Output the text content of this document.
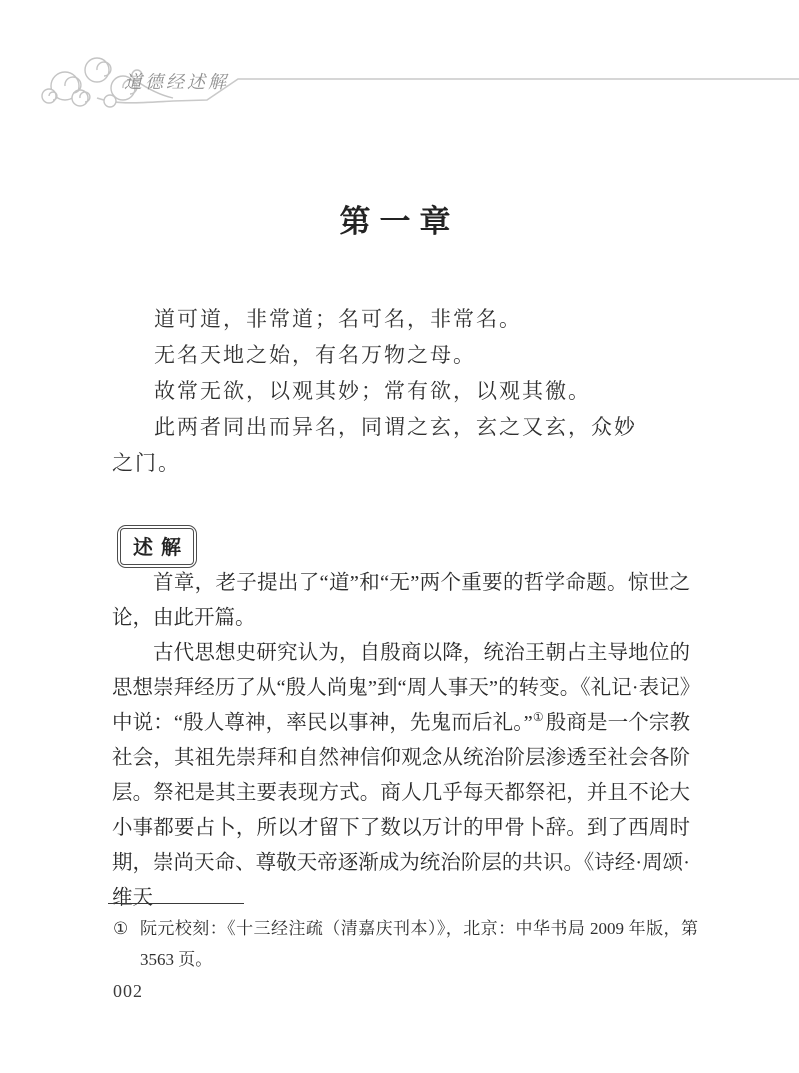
道德经述解
第一章
道可道，非常道；名可名，非常名。
无名天地之始，有名万物之母。
故常无欲，以观其妙；常有欲，以观其徼。
此两者同出而异名，同谓之玄，玄之又玄，众妙
之门。
述解

首章，老子提出了“道”和“无”两个重要的哲学命题。惊世之论，由此开篇。

古代思想史研究认为，自殷商以降，统治王朝占主导地位的思想崇拜经历了从“殷人尚鬼”到“周人事天”的转变。《礼记·表记》中说：“殷人尊神，率民以事神，先鬼而后礼。”①殷商是一个宗教社会，其祖先崇拜和自然神信仰观念从统治阶层渗透至社会各阶层。祭祀是其主要表现方式。商人几乎每天都祭祀，并且不论大小事都要占卜，所以才留下了数以万计的甲骨卜辞。到了西周时期，崇尚天命、尊敬天帝逐渐成为统治阶层的共识。《诗经·周颂·维天

① 阮元校刻：《十三经注疏（清嘉庆刊本）》，北京：中华书局 2009 年版，第 3563 页。
002
